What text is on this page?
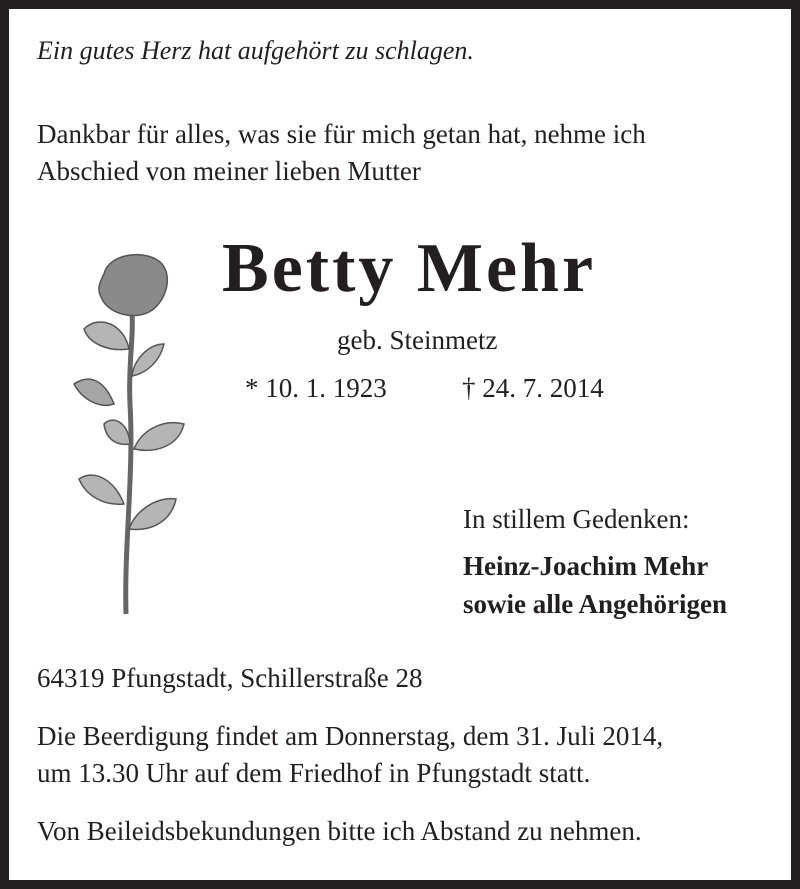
Ein gutes Herz hat aufgehört zu schlagen.
Dankbar für alles, was sie für mich getan hat, nehme ich
Abschied von meiner lieben Mutter
Betty Mehr
geb. Steinmetz
* 10. 1. 1923	† 24. 7. 2014
In stillem Gedenken:
Heinz-Joachim Mehr
sowie alle Angehörigen
64319 Pfungstadt, Schillerstraße 28
Die Beerdigung findet am Donnerstag, dem 31. Juli 2014,
um 13.30 Uhr auf dem Friedhof in Pfungstadt statt.
Von Beileidsbekundungen bitte ich Abstand zu nehmen.
